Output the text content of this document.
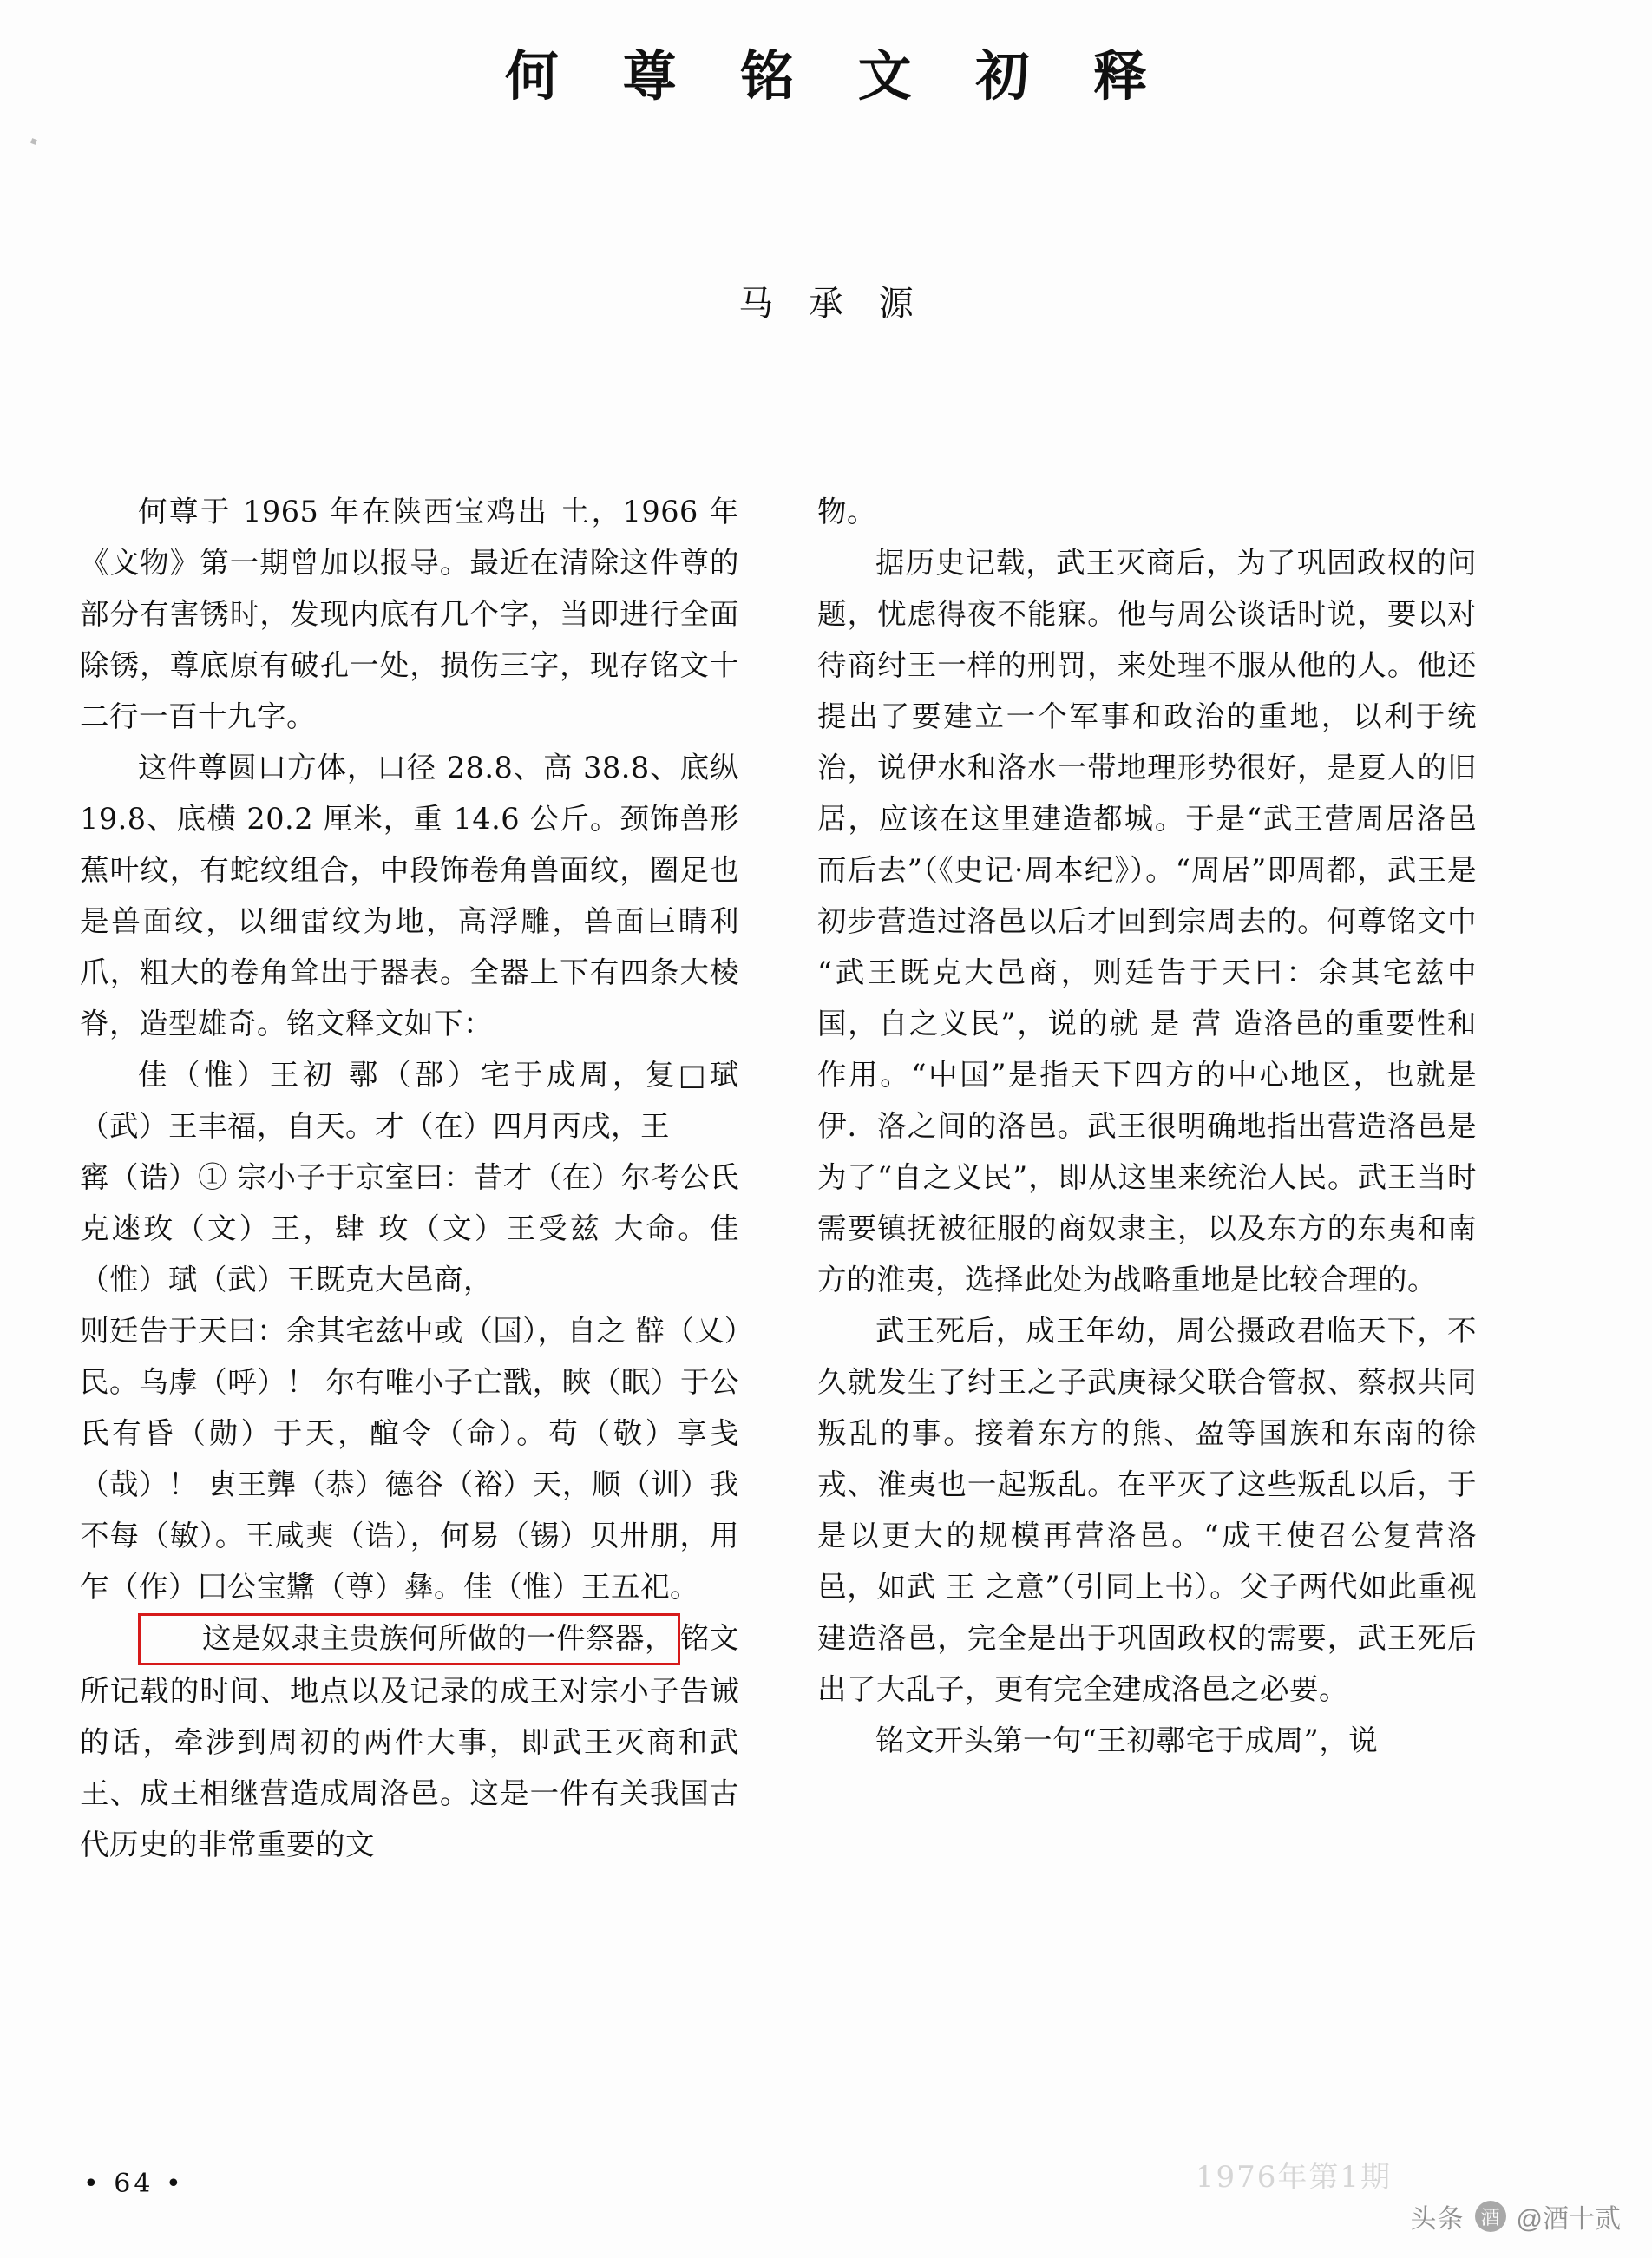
何 尊 铭 文 初 释
马 承 源

何尊于 1965 年在陕西宝鸡出 土，1966 年《文物》第一期曾加以报导。最近在清除这件尊的部分有害锈时，发现内底有几个字，当即进行全面除锈，尊底原有破孔一处，损伤三字，现存铭文十二行一百十九字。

这件尊圆口方体，口径 28.8、高 38.8、底纵 19.8、底横 20.2 厘米，重 14.6 公斤。颈饰兽形蕉叶纹，有蛇纹组合，中段饰卷角兽面纹，圈足也是兽面纹，以细雷纹为地，高浮雕，兽面巨睛利爪，粗大的卷角耸出于器表。全器上下有四条大棱脊，造型雄奇。铭文释文如下：

佳（惟）王初 鄩（郚）宅于成周，复□珷（武）王丰福，自天。才（在）四月丙戌，王

寗（诰）① 宗小子于京室曰：昔才（在）尔考公氏克逨玫（文）王，肆 玫（文）王受兹 大命。佳（惟）珷（武）王既克大邑商，

则廷告于天曰：余其宅兹中或（国），自之 辥（乂）民。乌虖（呼）！ 尔有唯小子亡戬，䀹（眠）于公氏有昏（勋）于天，䣾令（命）。苟（敬）享戋（哉）！ 叀王龏（恭）德谷（裕）天，顺（训）我不每（敏）。王咸𡘼（诰），何易（锡）贝卅朋，用乍（作）囗公宝䵼（尊）彝。佳（惟）王五祀。

这是奴隶主贵族何所做的一件祭器， 铭文所记载的时间、地点以及记录的成王对宗小子告诫的话，牵涉到周初的两件大事，即武王灭商和武王、成王相继营造成周洛邑。这是一件有关我国古代历史的非常重要的文

物。

据历史记载，武王灭商后，为了巩固政权的问题，忧虑得夜不能寐。他与周公谈话时说，要以对待商纣王一样的刑罚，来处理不服从他的人。他还提出了要建立一个军事和政治的重地，以利于统治，说伊水和洛水一带地理形势很好，是夏人的旧居，应该在这里建造都城。于是“武王营周居洛邑而后去”（《史记·周本纪》）。“周居”即周都，武王是初步营造过洛邑以后才回到宗周去的。何尊铭文中 “武王既克大邑商，则廷告于天曰：余其宅兹中国，自之义民”，说的就 是 营 造洛邑的重要性和作用。“中国”是指天下四方的中心地区，也就是伊．洛之间的洛邑。武王很明确地指出营造洛邑是为了“自之义民”，即从这里来统治人民。武王当时需要镇抚被征服的商奴隶主，以及东方的东夷和南方的淮夷，选择此处为战略重地是比较合理的。

武王死后，成王年幼，周公摄政君临天下，不久就发生了纣王之子武庚禄父联合管叔、蔡叔共同叛乱的事。接着东方的熊、盈等国族和东南的徐戎、淮夷也一起叛乱。在平灭了这些叛乱以后，于是以更大的规模再营洛邑。“成王使召公复营洛邑，如武 王 之意”（引同上书）。父子两代如此重视建造洛邑，完全是出于巩固政权的需要，武王死后出了大乱子，更有完全建成洛邑之必要。

铭文开头第一句“王初鄩宅于成周”，说

• 64 •	1976年第1期
头条 酒 @酒十贰
